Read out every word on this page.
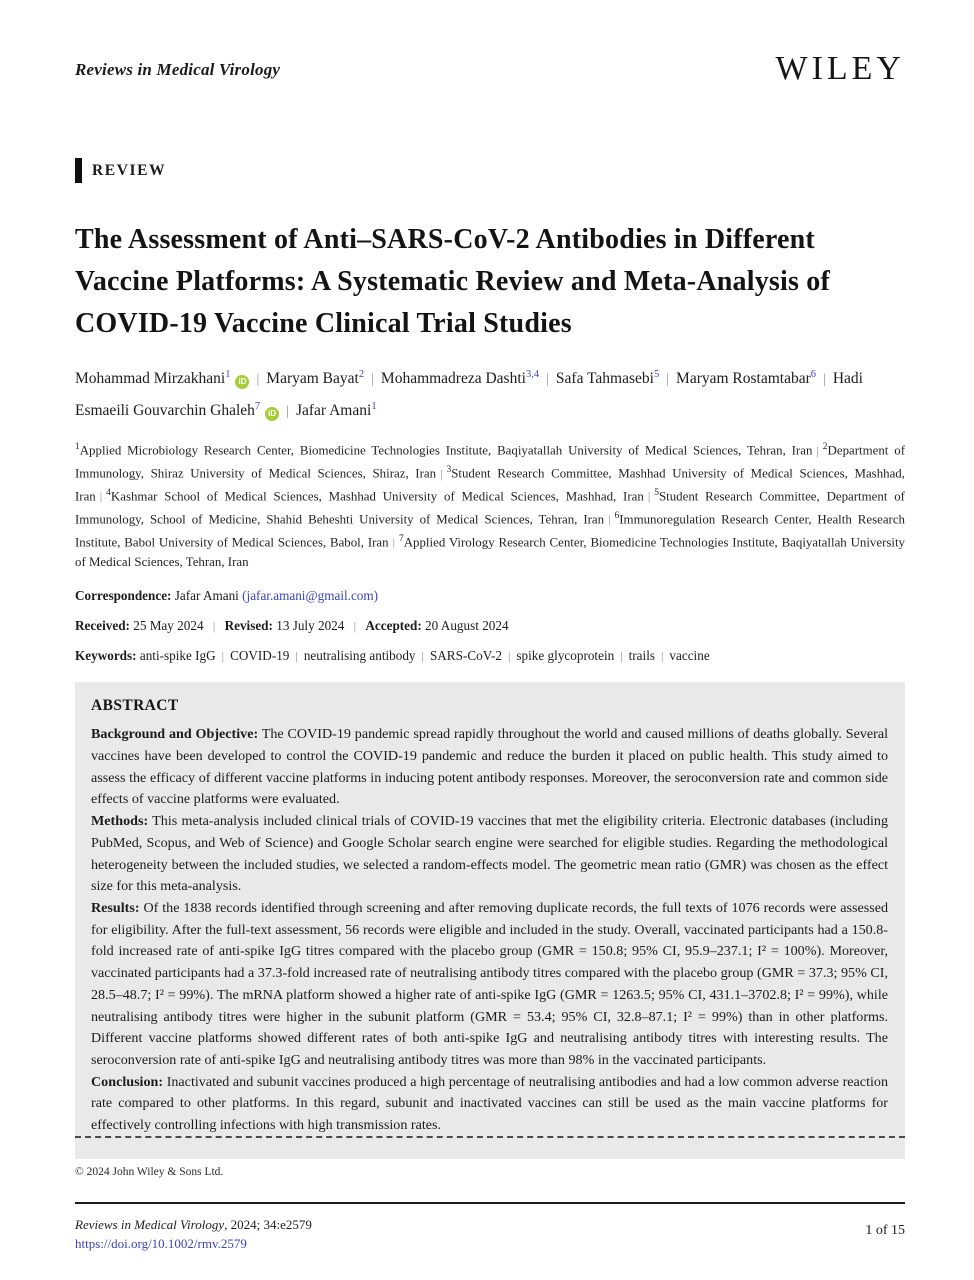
Reviews in Medical Virology	WILEY
REVIEW
The Assessment of Anti–SARS-CoV-2 Antibodies in Different Vaccine Platforms: A Systematic Review and Meta-Analysis of COVID-19 Vaccine Clinical Trial Studies
Mohammad Mirzakhani$^1$iD | Maryam Bayat$^2$ | Mohammadreza Dashti$^{3,4}$ | Safa Tahmasebi$^5$ | Maryam Rostamtabar$^6$ | Hadi Esmaeili Gouvarchin Ghaleh$^7$iD | Jafar Amani$^1$

$^1$Applied Microbiology Research Center, Biomedicine Technologies Institute, Baqiyatallah University of Medical Sciences, Tehran, Iran | $^2$Department of Immunology, Shiraz University of Medical Sciences, Shiraz, Iran | $^3$Student Research Committee, Mashhad University of Medical Sciences, Mashhad, Iran | $^4$Kashmar School of Medical Sciences, Mashhad University of Medical Sciences, Mashhad, Iran | $^5$Student Research Committee, Department of Immunology, School of Medicine, Shahid Beheshti University of Medical Sciences, Tehran, Iran | $^6$Immunoregulation Research Center, Health Research Institute, Babol University of Medical Sciences, Babol, Iran | $^7$Applied Virology Research Center, Biomedicine Technologies Institute, Baqiyatallah University of Medical Sciences, Tehran, Iran

Correspondence: Jafar Amani (jafar.amani@gmail.com)

Received: 25 May 2024 | Revised: 13 July 2024 | Accepted: 20 August 2024

Keywords: anti-spike IgG | COVID-19 | neutralising antibody | SARS-CoV-2 | spike glycoprotein | trails | vaccine

ABSTRACT

Background and Objective: The COVID-19 pandemic spread rapidly throughout the world and caused millions of deaths globally. Several vaccines have been developed to control the COVID-19 pandemic and reduce the burden it placed on public health. This study aimed to assess the efficacy of different vaccine platforms in inducing potent antibody responses. Moreover, the seroconversion rate and common side effects of vaccine platforms were evaluated.

Methods: This meta-analysis included clinical trials of COVID-19 vaccines that met the eligibility criteria. Electronic databases (including PubMed, Scopus, and Web of Science) and Google Scholar search engine were searched for eligible studies. Regarding the methodological heterogeneity between the included studies, we selected a random-effects model. The geometric mean ratio (GMR) was chosen as the effect size for this meta-analysis.

Results: Of the 1838 records identified through screening and after removing duplicate records, the full texts of 1076 records were assessed for eligibility. After the full-text assessment, 56 records were eligible and included in the study. Overall, vaccinated participants had a 150.8-fold increased rate of anti-spike IgG titres compared with the placebo group (GMR = 150.8; 95% CI, 95.9–237.1; I² = 100%). Moreover, vaccinated participants had a 37.3-fold increased rate of neutralising antibody titres compared with the placebo group (GMR = 37.3; 95% CI, 28.5–48.7; I² = 99%). The mRNA platform showed a higher rate of anti-spike IgG (GMR = 1263.5; 95% CI, 431.1–3702.8; I² = 99%), while neutralising antibody titres were higher in the subunit platform (GMR = 53.4; 95% CI, 32.8–87.1; I² = 99%) than in other platforms. Different vaccine platforms showed different rates of both anti-spike IgG and neutralising antibody titres with interesting results. The seroconversion rate of anti-spike IgG and neutralising antibody titres was more than 98% in the vaccinated participants.

Conclusion: Inactivated and subunit vaccines produced a high percentage of neutralising antibodies and had a low common adverse reaction rate compared to other platforms. In this regard, subunit and inactivated vaccines can still be used as the main vaccine platforms for effectively controlling infections with high transmission rates.

© 2024 John Wiley & Sons Ltd.

Reviews in Medical Virology, 2024; 34:e2579
https://doi.org/10.1002/rmv.2579
1 of 15
